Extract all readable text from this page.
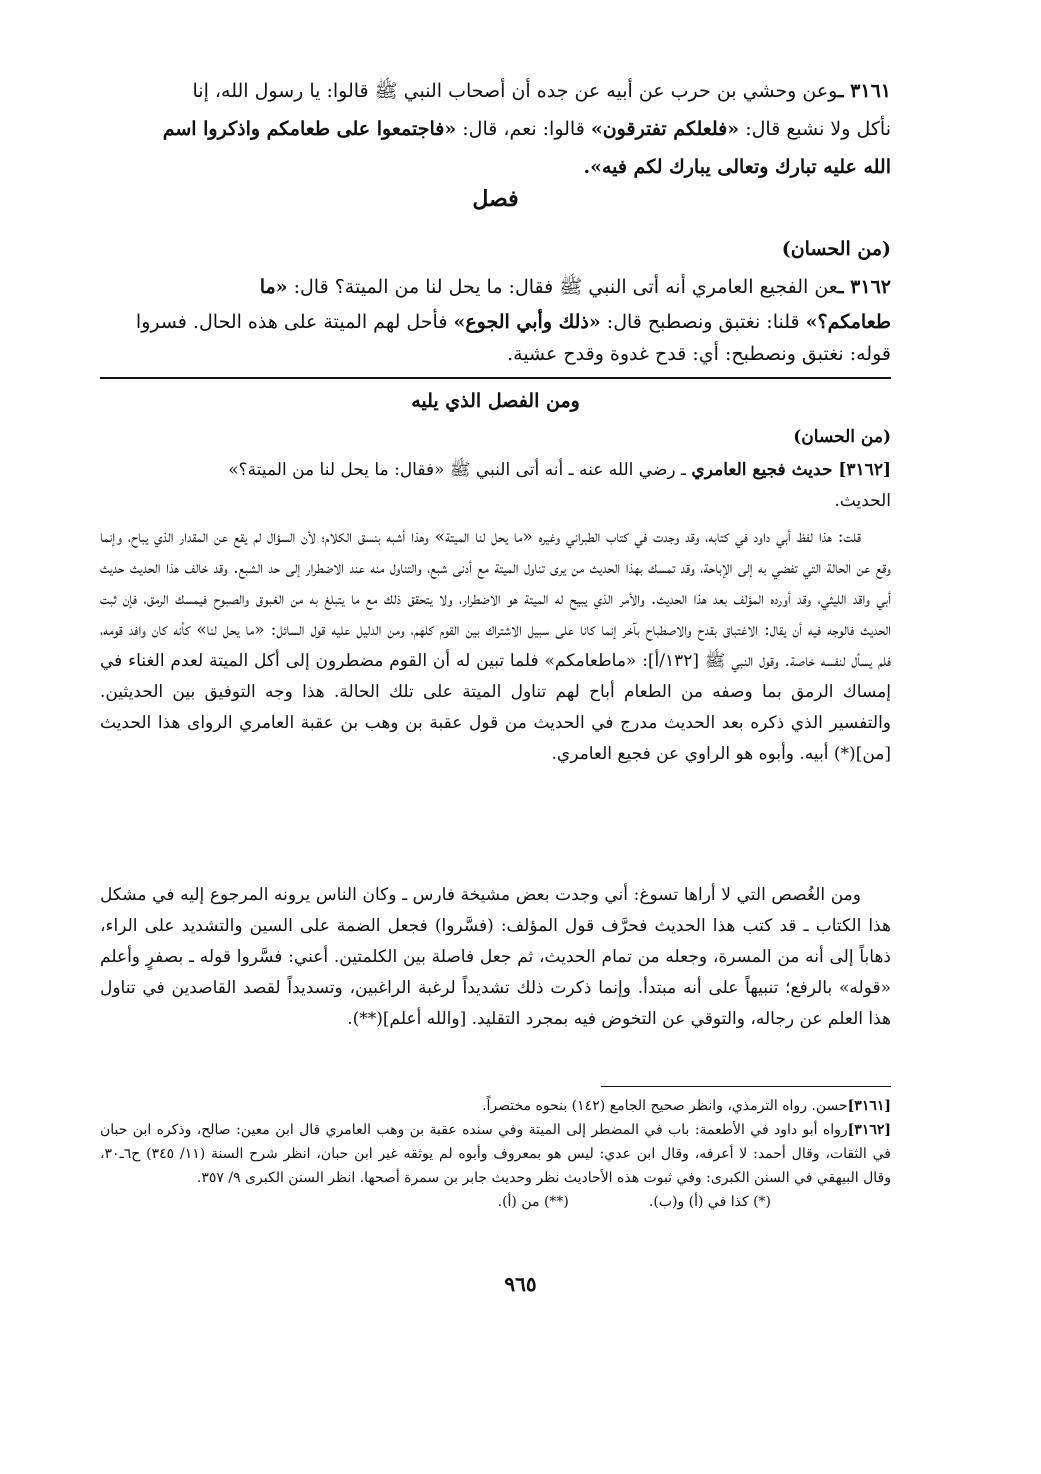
٣١٦١ ـوعن وحشي بن حرب عن أبيه عن جده أن أصحاب النبي ﷺ قالوا: يا رسول الله، إنا

نأكل ولا نشبع قال: «فلعلكم تفترقون» قالوا: نعم، قال: «فاجتمعوا على طعامكم واذكروا اسم

الله عليه تبارك وتعالى يبارك لكم فيه».

فصل
(من الحسان)

٣١٦٢ ـعن الفجيع العامري أنه أتى النبي ﷺ فقال: ما يحل لنا من الميتة؟ قال: «ما

طعامكم؟» قلنا: نغتبق ونصطبح قال: «ذلك وأبي الجوع» فأحل لهم الميتة على هذه الحال. فسروا

قوله: نغتبق ونصطبح: أي: قدح غدوة وقدح عشية.

ومن الفصل الذي يليه
(من الحسان)

[٣١٦٢] حديث فجيع العامري ـ رضي الله عنه ـ أنه أتى النبي ﷺ «فقال: ما يحل لنا من الميتة؟»

الحديث.

قلت: هذا لفظ أبي داود في كتابه، وقد وجدت في كتاب الطبراني وغيره «ما يحل لنا الميتة» وهذا أشبه بنسق الكلام؛ لأن السؤال لم يقع عن المقدار الذي يباح، وإنما وقع عن الحالة التي تفضي به إلى الإباحة، وقد تمسك بهذا الحديث من يرى تناول الميتة مع أدنى شبع، والتناول منه عند الاضطرار إلى حد الشبع. وقد خالف هذا الحديث حديث أبي واقد الليثي، وقد أورده المؤلف بعد هذا الحديث. والأمر الذي يبيح له الميتة هو الاضطرار، ولا يتحقق ذلك مع ما يتبلغ به من الغبوق والصبوح فيمسك الرمق، فإن ثبت الحديث فالوجه فيه أن يقال: الاغتباق بقدح والاصطباح بآخر إنما كانا على سبيل الاشتراك بين القوم كلهم، ومن الدليل عليه قول السائل: «ما يحل لنا» كأنه كان وافد قومه، فلم يسأل لنفسه خاصة. وقول النبي ﷺ [١٣٢/أ]: «ماطعامكم» فلما تبين له أن القوم مضطرون إلى أكل الميتة لعدم الغناء في إمساك الرمق بما وصفه من الطعام أباح لهم تناول الميتة على تلك الحالة. هذا وجه التوفيق بين الحديثين. والتفسير الذي ذكره بعد الحديث مدرج في الحديث من قول عقبة بن وهب بن عقبة العامري الرواى هذا الحديث [من](*) أبيه. وأبوه هو الراوي عن فجيع العامري.

ومن الغُصص التي لا أراها تسوغ: أني وجدت بعض مشيخة فارس ـ وكان الناس يرونه المرجوع إليه في مشكل هذا الكتاب ـ قد كتب هذا الحديث فحرَّف قول المؤلف: (فسَّروا) فجعل الضمة على السين والتشديد على الراء، ذهاباً إلى أنه من المسرة، وجعله من تمام الحديث، ثم جعل فاصلة بين الكلمتين. أعني: فسَّروا قوله ـ بصفرٍ وأعلم «قوله» بالرفع؛ تنبيهاً على أنه مبتدأ. وإنما ذكرت ذلك تشديداً لرغبة الراغبين، وتسديداً لقصد القاصدين في تناول هذا العلم عن رجاله، والتوقي عن التخوض فيه بمجرد التقليد. [والله أعلم](**).

[٣١٦١]حسن. رواه الترمذي، وانظر صحيح الجامع (١٤٢) بنحوه مختصراً.

[٣١٦٢]رواه أبو داود في الأطعمة: باب في المضطر إلى الميتة وفي سنده عقبة بن وهب العامري قال ابن معين: صالح، وذكره ابن حبان في الثقات، وقال أحمد: لا أعرفه، وقال ابن عدي: ليس هو بمعروف وأبوه لم يوثقه غير ابن حبان، انظر شرح السنة (١١/ ٣٤٥) ح٦ـ٣٠، وقال البيهقي في السنن الكبرى: وفي ثبوت هذه الأحاديث نظر وحديث جابر بن سمرة أصحها. انظر السنن الكبرى ٩/ ٣٥٧.

(*) كذا في (أ) و(ب).(**) من (أ).

٩٦٥
